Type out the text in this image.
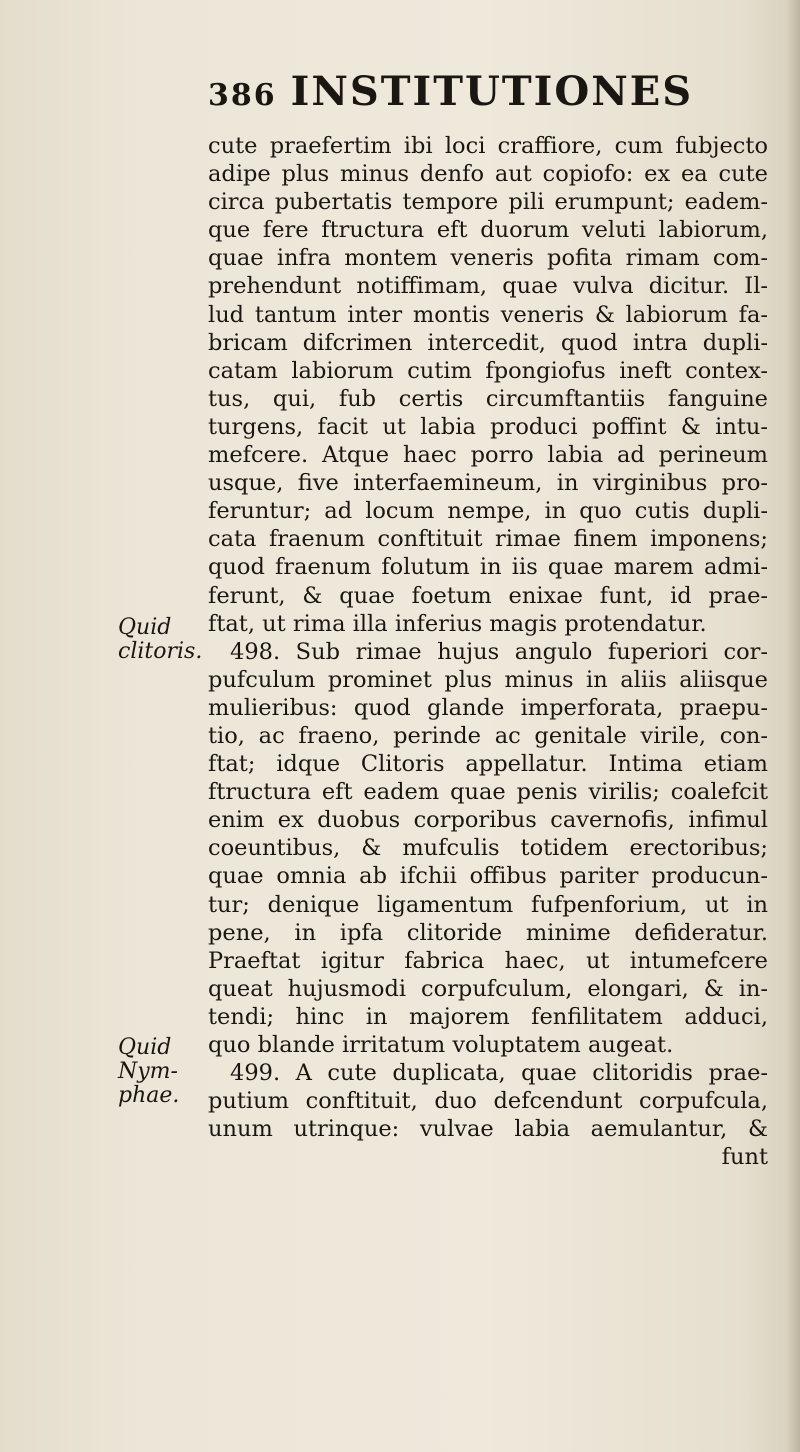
386 INSTITUTIONES
Quid
clitoris.
Quid
Nym-
phae.
cute praefertim ibi loci craffiore, cum fubjecto
adipe plus minus denfo aut copiofo: ex ea cute
circa pubertatis tempore pili erumpunt; eadem-
que fere ftructura eft duorum veluti labiorum,
quae infra montem veneris pofita rimam com-
prehendunt notiffimam, quae vulva dicitur. Il-
lud tantum inter montis veneris & labiorum fa-
bricam difcrimen intercedit, quod intra dupli-
catam labiorum cutim fpongiofus ineft contex-
tus, qui, fub certis circumftantiis fanguine
turgens, facit ut labia produci poffint & intu-
mefcere. Atque haec porro labia ad perineum
usque, five interfaemineum, in virginibus pro-
feruntur; ad locum nempe, in quo cutis dupli-
cata fraenum conftituit rimae finem imponens;
quod fraenum folutum in iis quae marem admi-
ferunt, & quae foetum enixae funt, id prae-
ftat, ut rima illa inferius magis protendatur.
498. Sub rimae hujus angulo fuperiori cor-
pufculum prominet plus minus in aliis aliisque
mulieribus: quod glande imperforata, praepu-
tio, ac fraeno, perinde ac genitale virile, con-
ftat; idque Clitoris appellatur. Intima etiam
ftructura eft eadem quae penis virilis; coalefcit
enim ex duobus corporibus cavernofis, infimul
coeuntibus, & mufculis totidem erectoribus;
quae omnia ab ifchii offibus pariter producun-
tur; denique ligamentum fufpenforium, ut in
pene, in ipfa clitoride minime defideratur.
Praeftat igitur fabrica haec, ut intumefcere
queat hujusmodi corpufculum, elongari, & in-
tendi; hinc in majorem fenfilitatem adduci,
quo blande irritatum voluptatem augeat.
499. A cute duplicata, quae clitoridis prae-
putium conftituit, duo defcendunt corpufcula,
unum utrinque: vulvae labia aemulantur, &
funt
